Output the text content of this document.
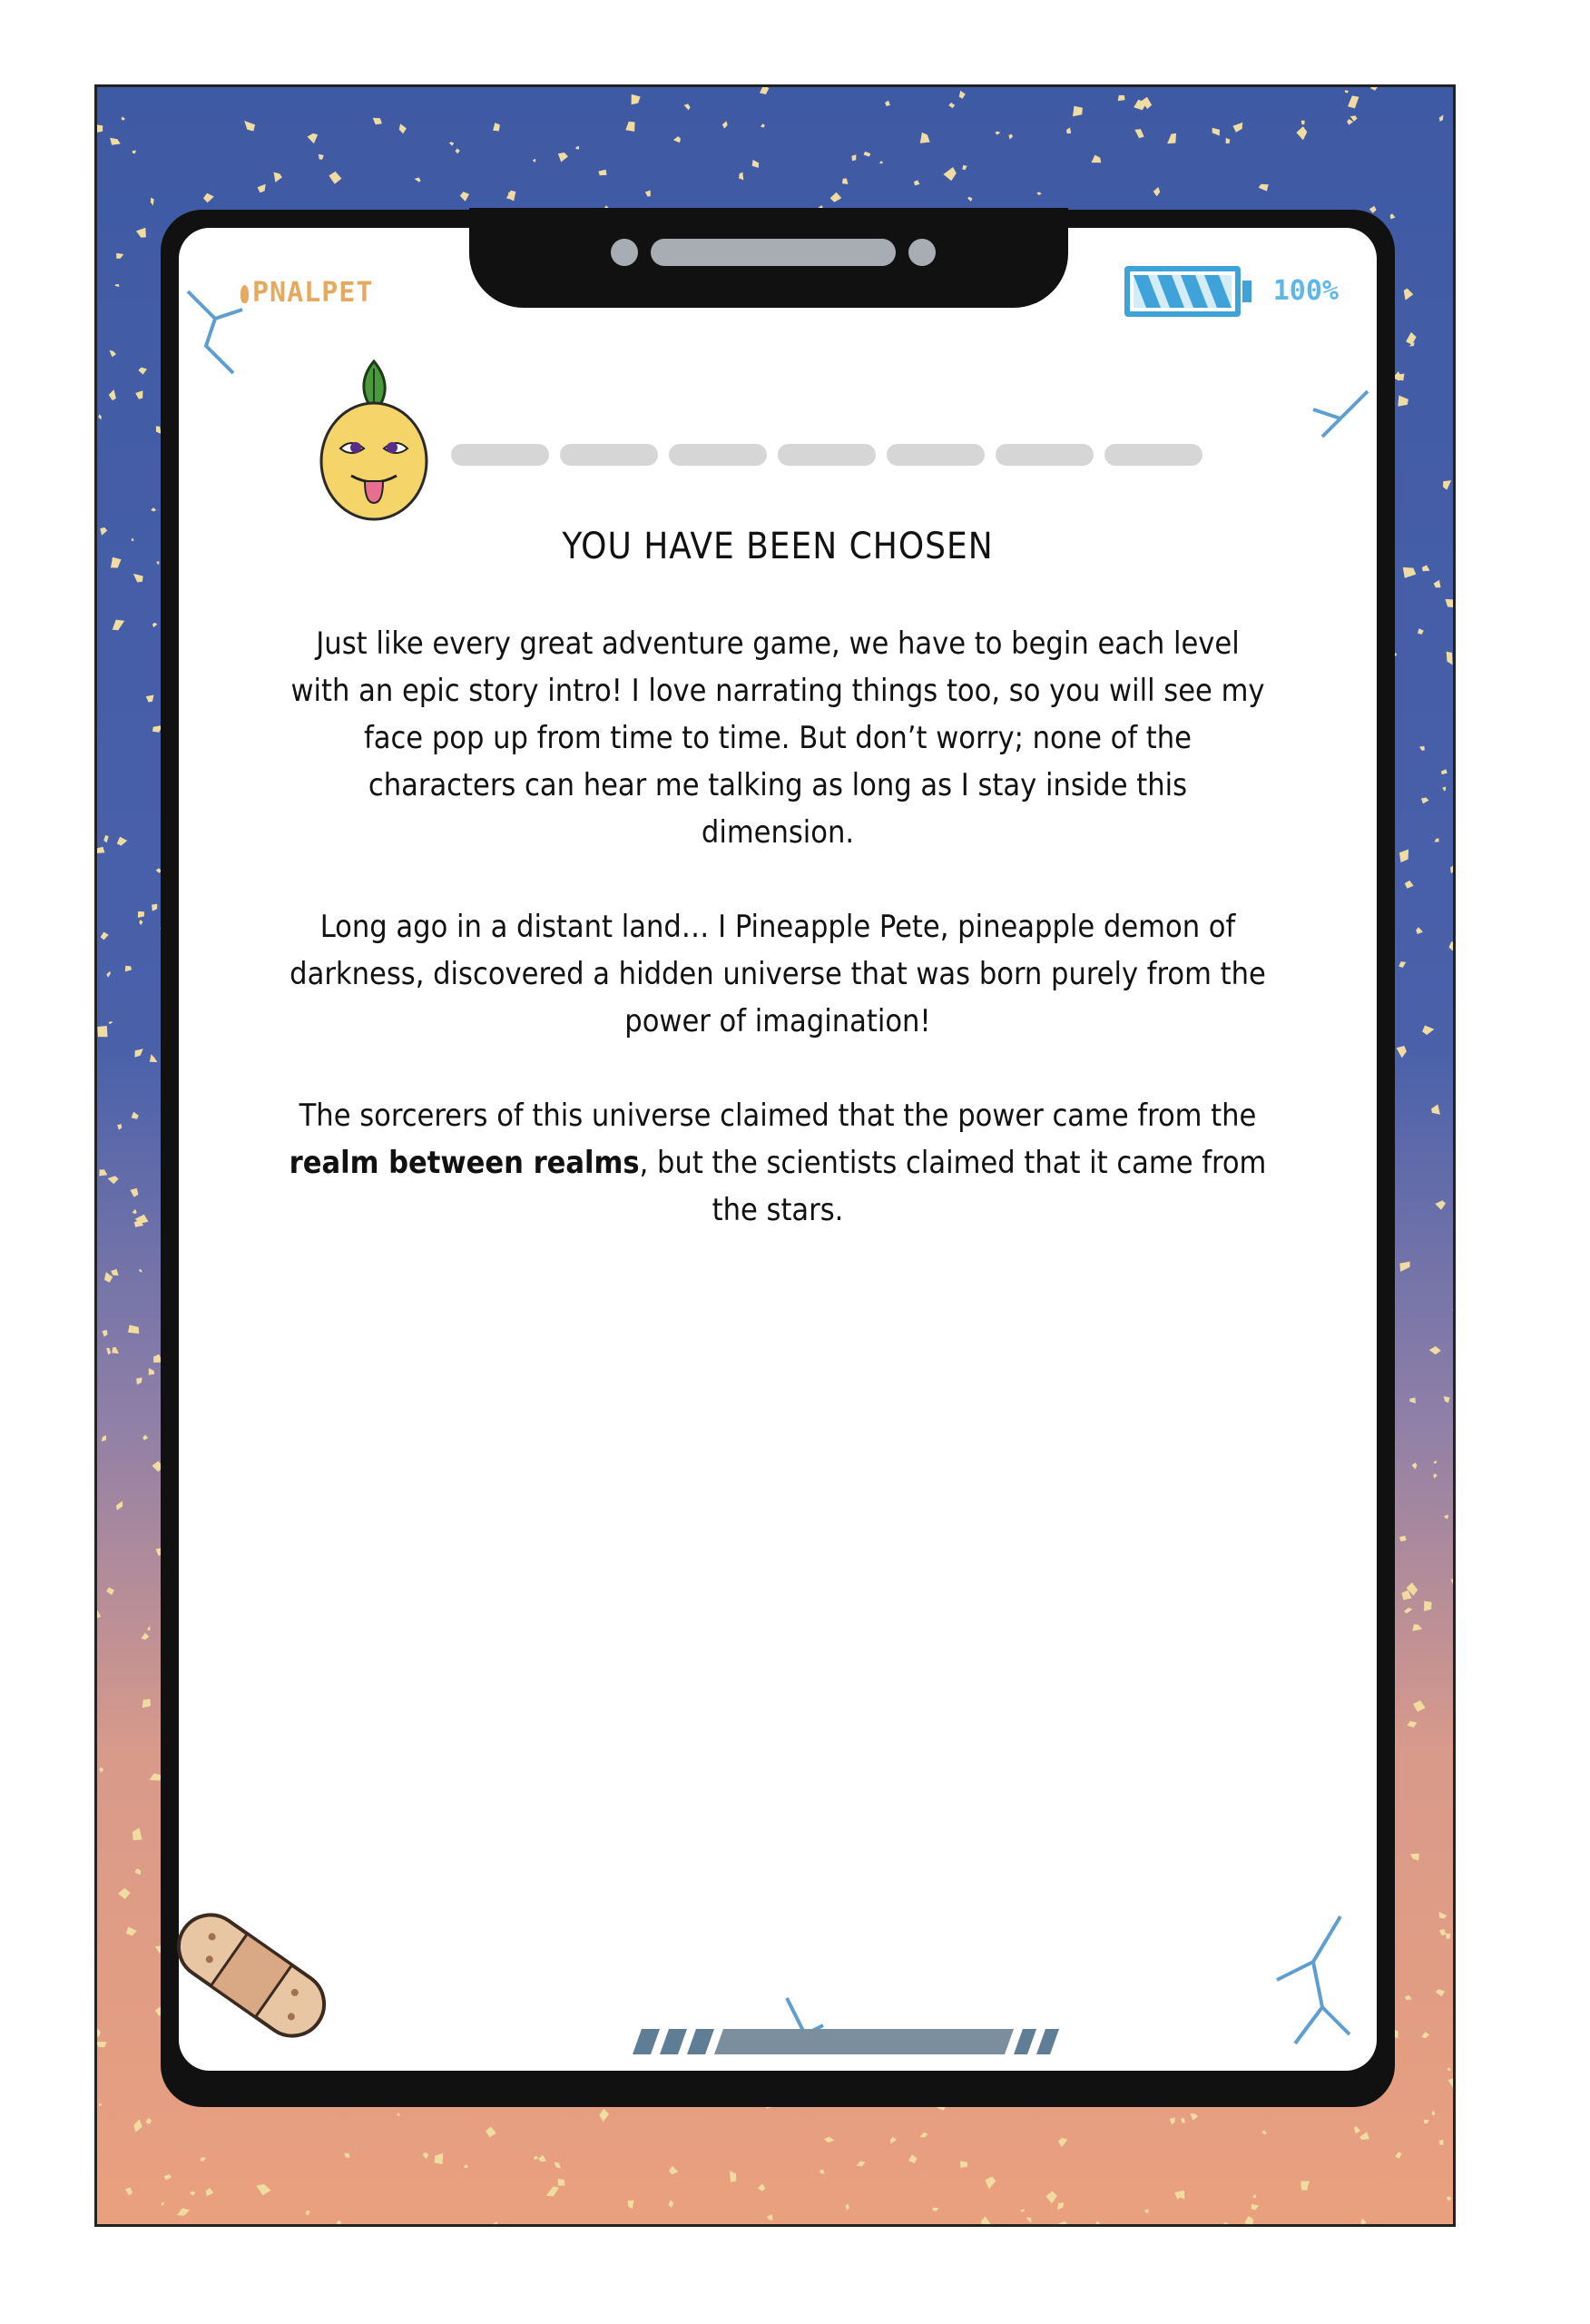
PNALPET	100%
YOU HAVE BEEN CHOSEN

Just like every great adventure game, we have to begin each level with an epic story intro! I love narrating things too, so you will see my face pop up from time to time. But don’t worry; none of the characters can hear me talking as long as I stay inside this dimension.

Long ago in a distant land… I Pineapple Pete, pineapple demon of darkness, discovered a hidden universe that was born purely from the power of imagination!

The sorcerers of this universe claimed that the power came from the realm between realms, but the scientists claimed that it came from the stars.
